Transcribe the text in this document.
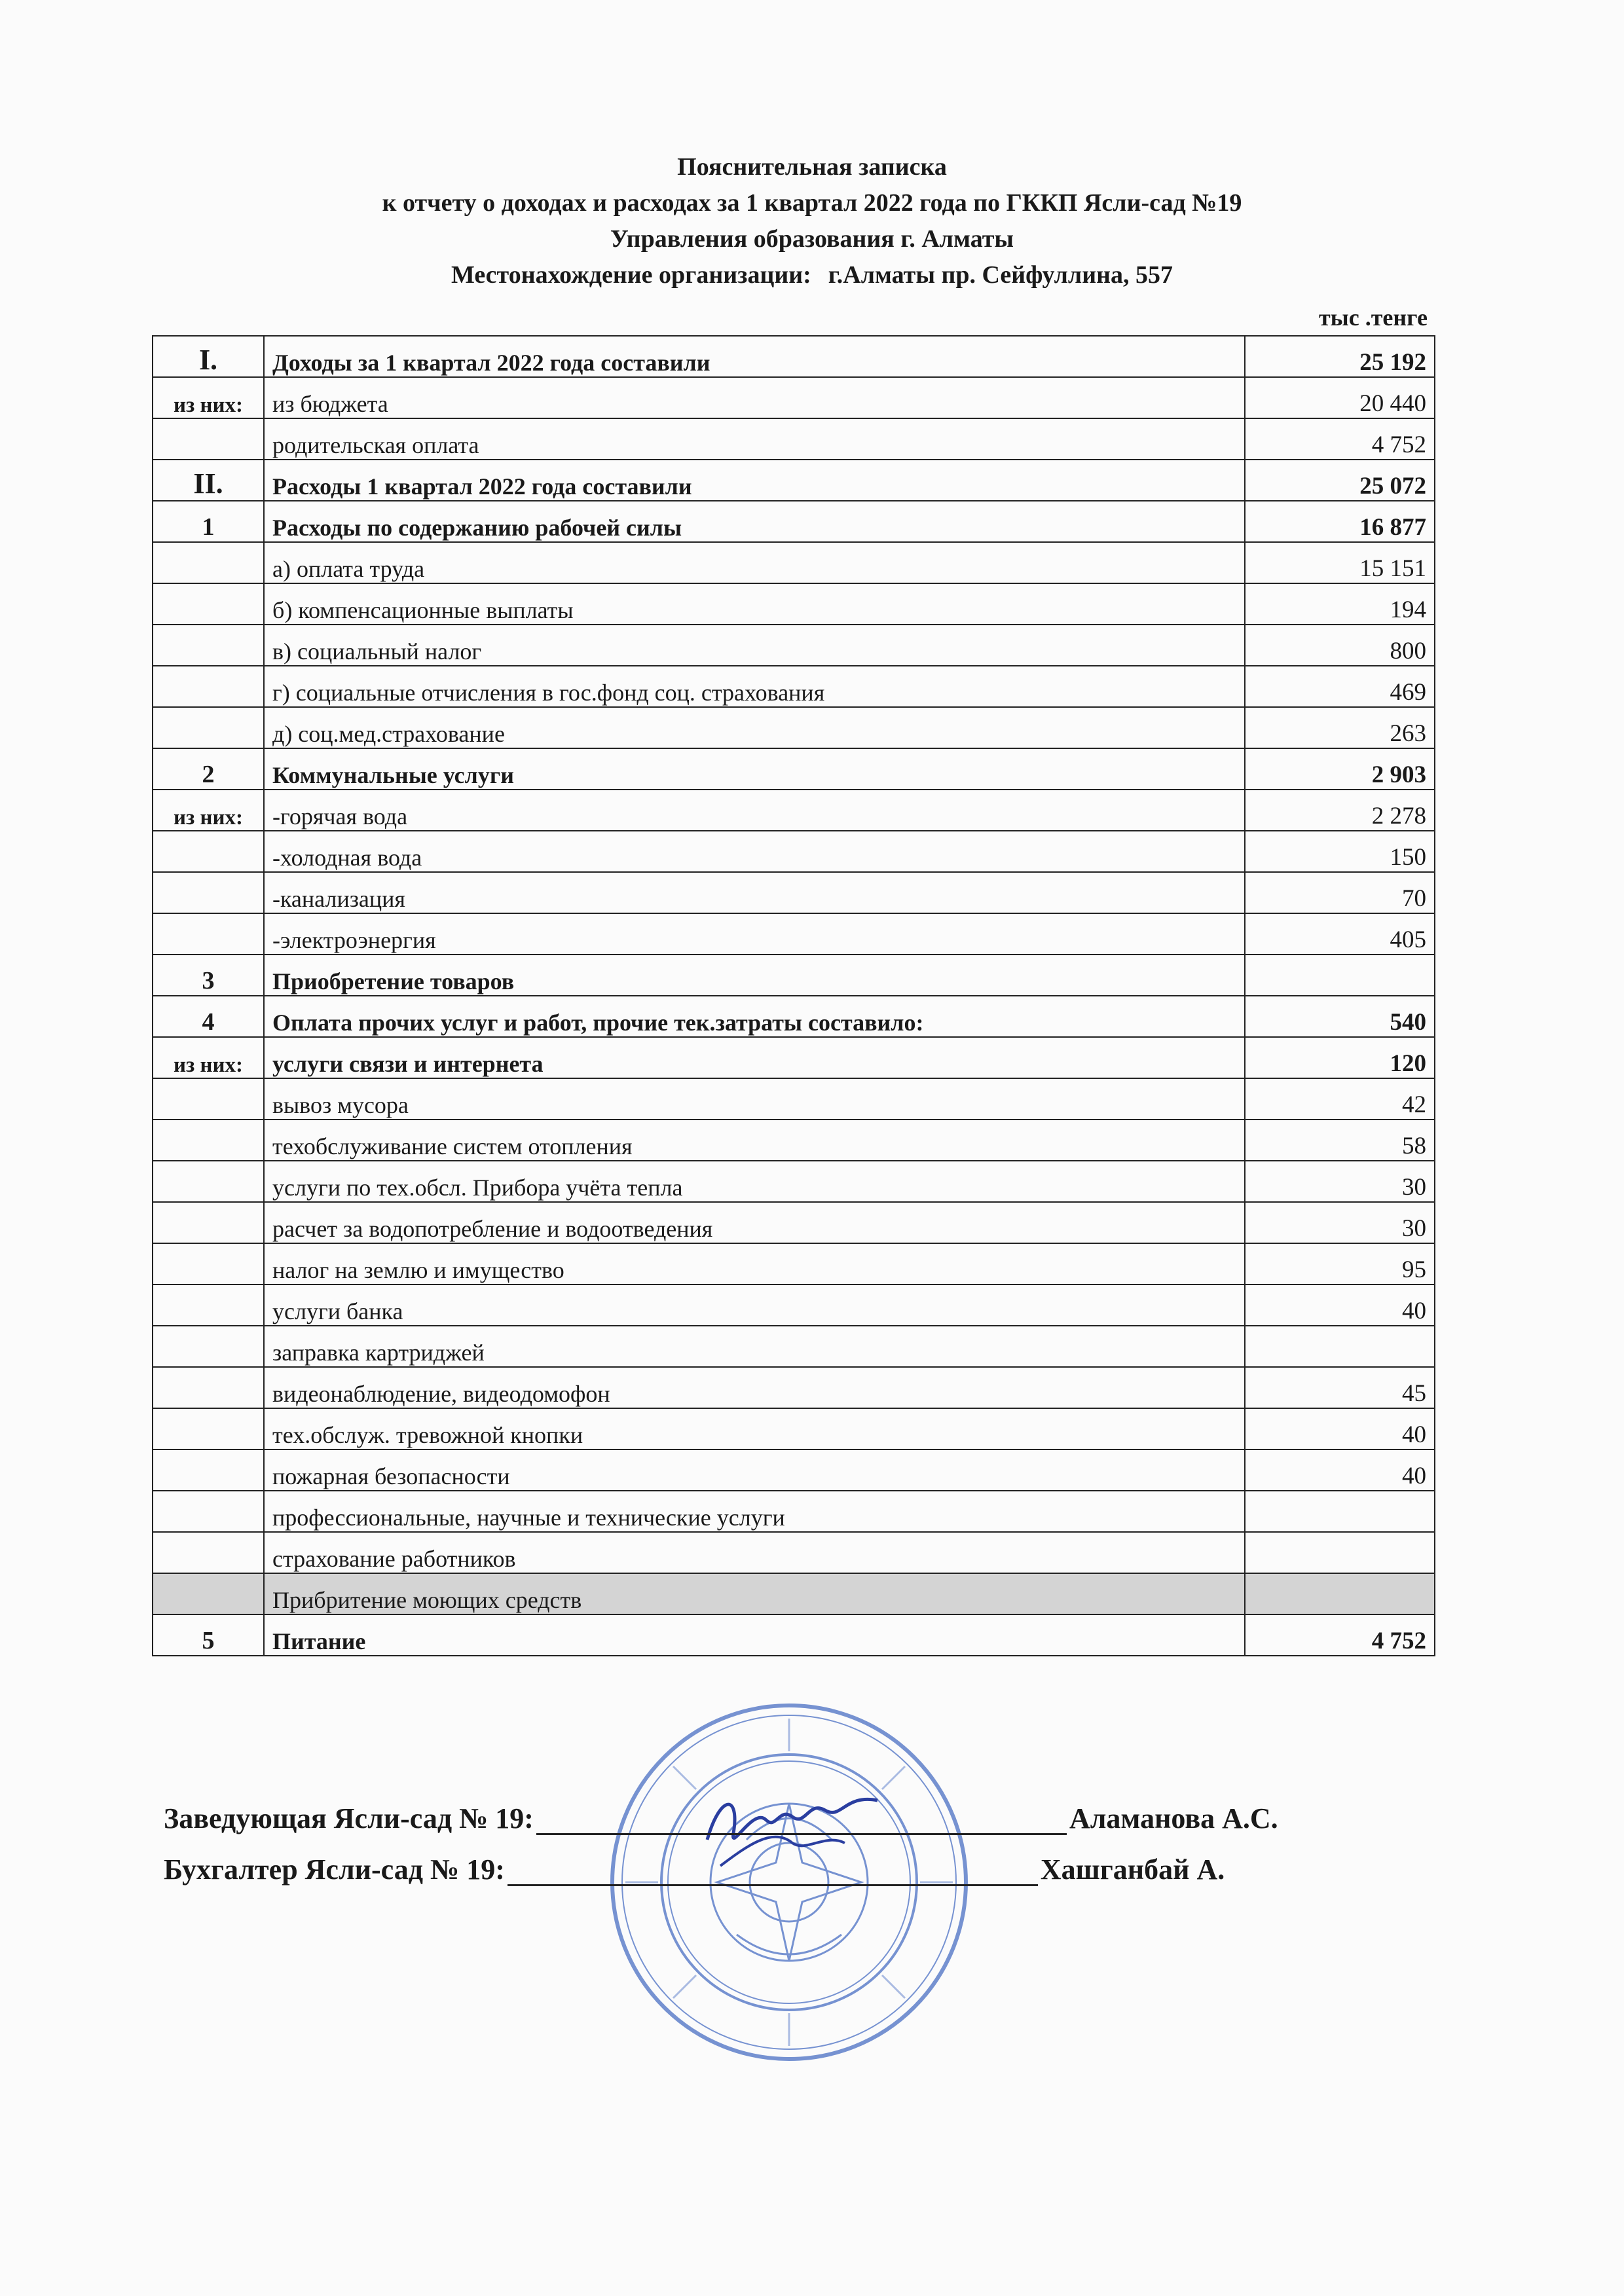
Пояснительная записка
к отчету о доходах и расходах за 1 квартал 2022 года по ГККП Ясли-сад №19
Управления образования г. Алматы
Местонахождение организации: г.Алматы пр. Сейфуллина, 557
тыс .тенге
I.	Доходы за 1 квартал 2022 года составили	25 192
из них:	из бюджета	20 440
	родительская оплата	4 752
II.	Расходы 1 квартал 2022 года составили	25 072
1	Расходы по содержанию рабочей силы	16 877
	а) оплата труда	15 151
	б) компенсационные выплаты	194
	в) социальный налог	800
	г) социальные отчисления в гос.фонд соц. страхования	469
	д) соц.мед.страхование	263
2	Коммунальные услуги	2 903
из них:	-горячая вода	2 278
	-холодная вода	150
	-канализация	70
	-электроэнергия	405
3	Приобретение товаров	
4	Оплата прочих услуг и работ, прочие тек.затраты составило:	540
из них:	услуги связи и интернета	120
	вывоз мусора	42
	техобслуживание систем отопления	58
	услуги по тех.обсл. Прибора учёта тепла	30
	расчет за водопотребление и водоотведения	30
	налог на землю и имущество	95
	услуги банка	40
	заправка картриджей	
	видеонаблюдение, видеодомофон	45
	тех.обслуж. тревожной кнопки	40
	пожарная безопасности	40
	профессиональные, научные и технические услуги	
	страхование работников	
	Прибритение моющих средств	
5	Питание	4 752
Заведующая Ясли-сад № 19:	Аламанова А.С.
Бухгалтер Ясли-сад № 19:	Хашганбай А.
